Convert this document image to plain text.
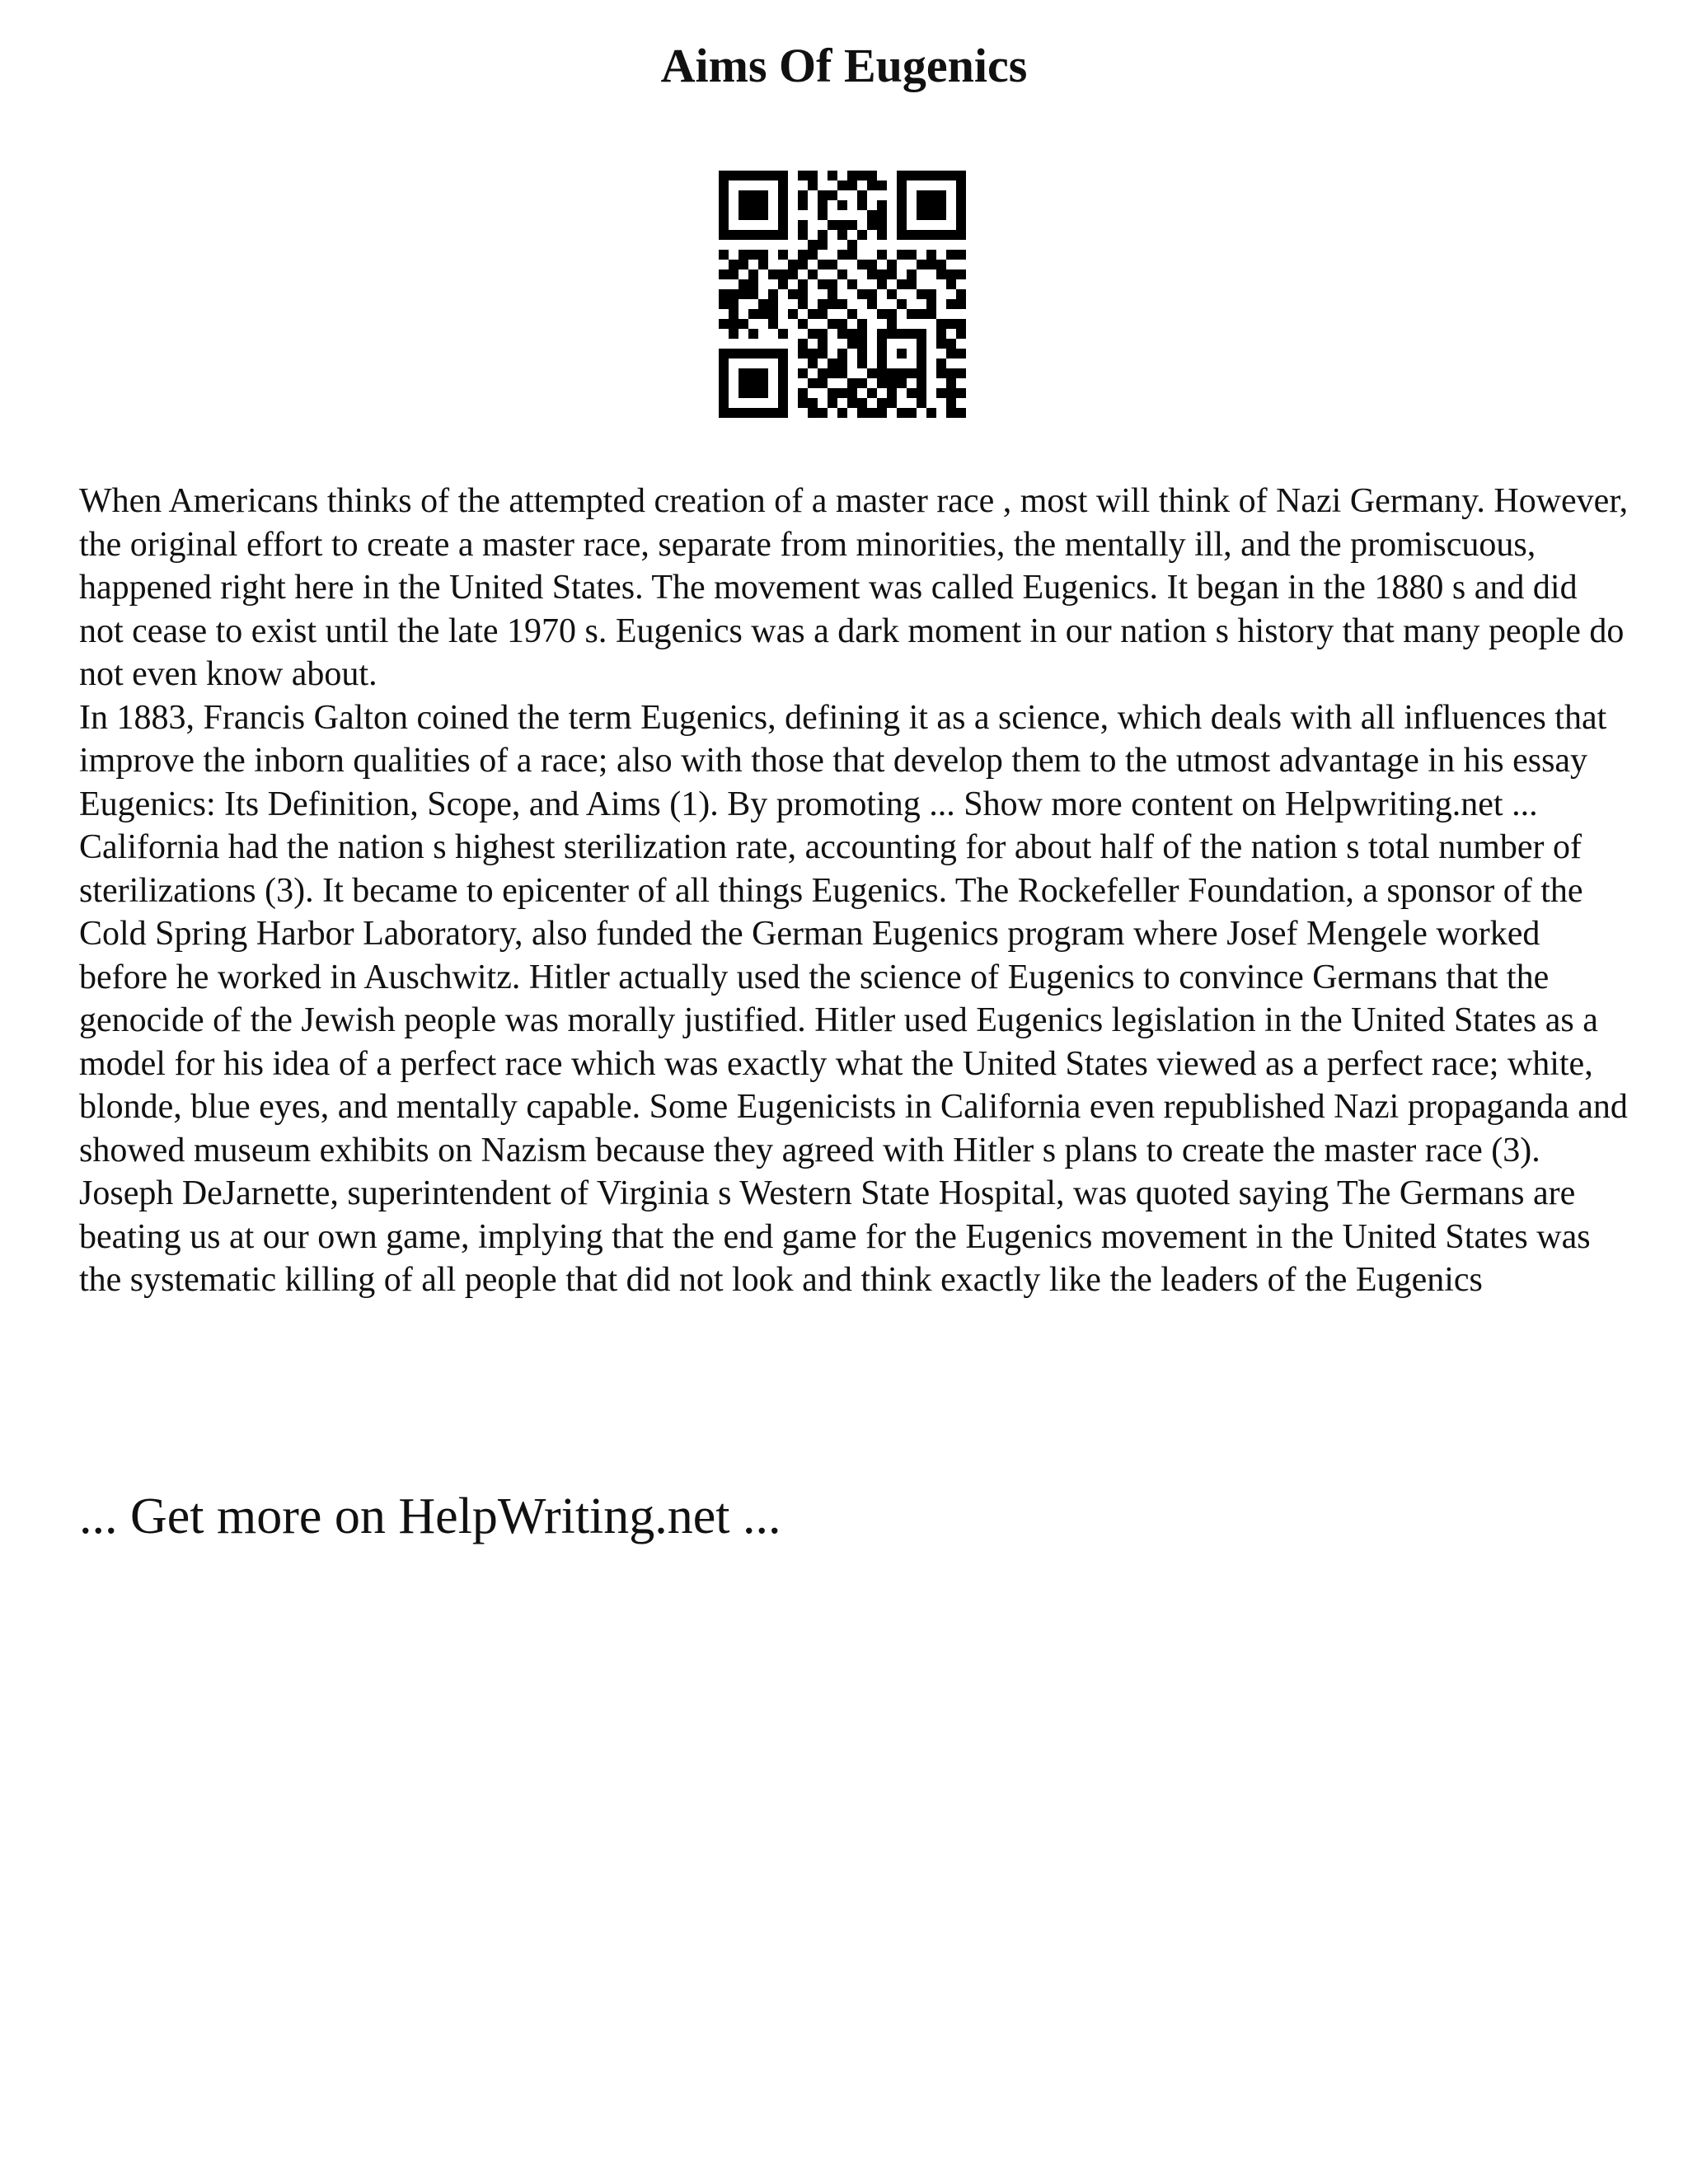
Aims Of Eugenics

When Americans thinks of the attempted creation of a master race , most will think of Nazi Germany. However, the original effort to create a master race, separate from minorities, the mentally ill, and the promiscuous, happened right here in the United States. The movement was called Eugenics. It began in the 1880 s and did not cease to exist until the late 1970 s. Eugenics was a dark moment in our nation s history that many people do not even know about.

In 1883, Francis Galton coined the term Eugenics, defining it as a science, which deals with all influences that improve the inborn qualities of a race; also with those that develop them to the utmost advantage in his essay Eugenics: Its Definition, Scope, and Aims (1). By promoting ... Show more content on Helpwriting.net ...

California had the nation s highest sterilization rate, accounting for about half of the nation s total number of sterilizations (3). It became to epicenter of all things Eugenics. The Rockefeller Foundation, a sponsor of the Cold Spring Harbor Laboratory, also funded the German Eugenics program where Josef Mengele worked before he worked in Auschwitz. Hitler actually used the science of Eugenics to convince Germans that the genocide of the Jewish people was morally justified. Hitler used Eugenics legislation in the United States as a model for his idea of a perfect race which was exactly what the United States viewed as a perfect race; white, blonde, blue eyes, and mentally capable. Some Eugenicists in California even republished Nazi propaganda and showed museum exhibits on Nazism because they agreed with Hitler s plans to create the master race (3). Joseph DeJarnette, superintendent of Virginia s Western State Hospital, was quoted saying The Germans are beating us at our own game, implying that the end game for the Eugenics movement in the United States was the systematic killing of all people that did not look and think exactly like the leaders of the Eugenics

... Get more on HelpWriting.net ...
